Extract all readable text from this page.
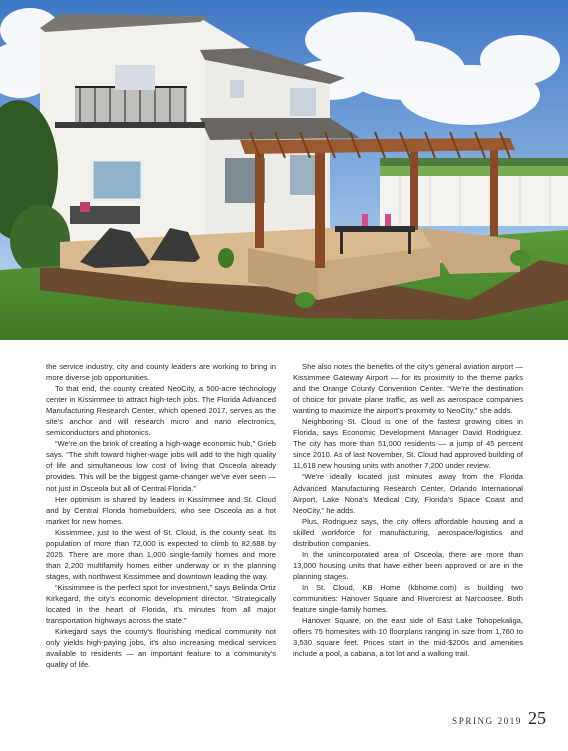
the service industry, city and county leaders are working to bring in more diverse job opportunities.

To that end, the county created NeoCity, a 500-acre technology center in Kissimmee to attract high-tech jobs. The Florida Advanced Manufacturing Research Center, which opened 2017, serves as the site's anchor and will research micro and nano electronics, semiconductors and photonics.

“We're on the brink of creating a high-wage economic hub,” Grieb says. “The shift toward higher-wage jobs will add to the high quality of life and simultaneous low cost of living that Osceola already provides. This will be the biggest game-changer we've ever seen — not just in Osceola but all of Central Florida.”

Her optimism is shared by leaders in Kissimmee and St. Cloud and by Central Florida homebuilders, who see Osceola as a hot market for new homes.

Kissimmee, just to the west of St. Cloud, is the county seat. Its population of more than 72,000 is expected to climb to 82,688 by 2025. There are more than 1,000 single-family homes and more than 2,200 multifamily homes either underway or in the planning stages, with northwest Kissimmee and downtown leading the way.

“Kissimmee is the perfect spot for investment,” says Belinda Ortiz Kirkegard, the city's economic development director. “Strategically located in the heart of Florida, it's minutes from all major transportation highways across the state.”

Kirkegard says the county's flourishing medical community not only yields high-paying jobs, it's also increasing medical services available to residents — an important feature to a community's quality of life.

She also notes the benefits of the city's general aviation airport — Kissimmee Gateway Airport — for its proximity to the theme parks and the Orange County Convention Center. “We're the destination of choice for private plane traffic, as well as aerospace companies wanting to maximize the airport's proximity to NeoCity,” she adds.

Neighboring St. Cloud is one of the fastest growing cities in Florida, says Economic Development Manager David Rodriguez. The city has more than 51,000 residents — a jump of 45 percent since 2010. As of last November, St. Cloud had approved building of 11,618 new housing units with another 7,200 under review.

“We're ideally located just minutes away from the Florida Advanced Manufacturing Research Center, Orlando International Airport, Lake Nona's Medical City, Florida's Space Coast and NeoCity,” he adds.

Plus, Rodriguez says, the city offers affordable housing and a skilled workforce for manufacturing, aerospace/logistics and distribution companies.

In the unincorporated area of Osceola, there are more than 13,000 housing units that have either been approved or are in the planning stages.

In St. Cloud, KB Home (kbhome.com) is building two communities: Hanover Square and Rivercrest at Narcoosee. Both feature single-family homes.

Hanover Square, on the east side of East Lake Tohopekaliga, offers 75 homesites with 10 floorplans ranging in size from 1,760 to 3,530 square feet. Prices start in the mid-$200s and amenities include a pool, a cabana, a tot lot and a walking trail.

SPRING 2019 25
